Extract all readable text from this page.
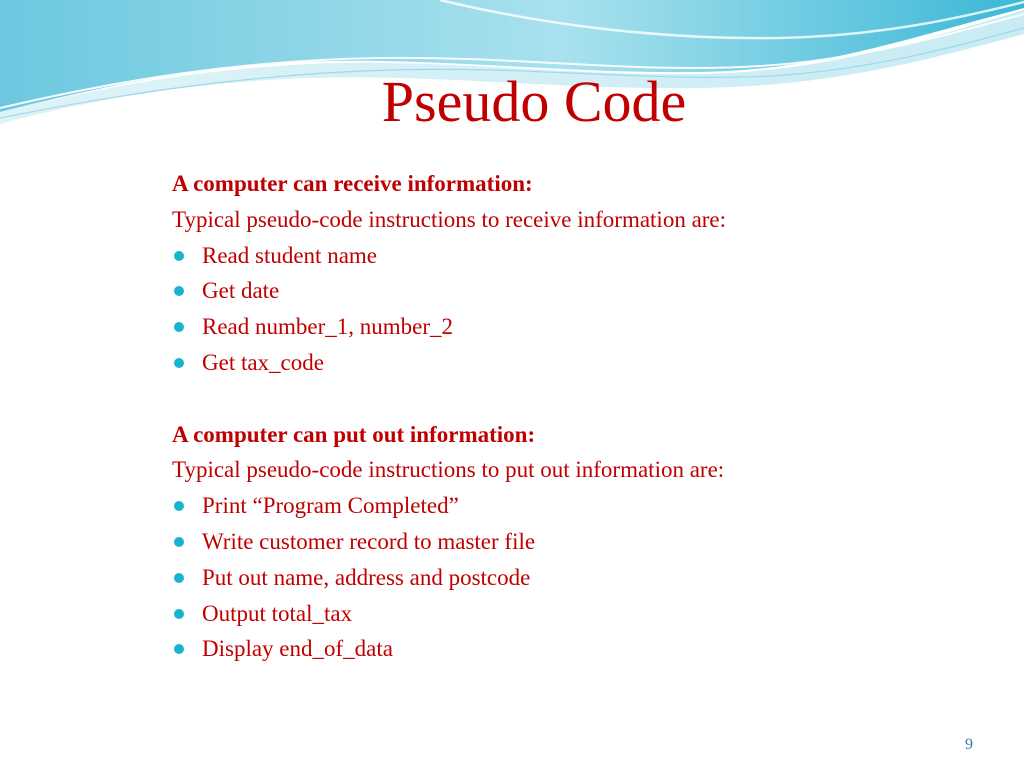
Pseudo Code

A computer can receive information:

Typical pseudo-code instructions to receive information are:

Read student name
Get date
Read number_1, number_2
Get tax_code

A computer can put out information:

Typical pseudo-code instructions to put out information are:

Print “Program Completed”
Write customer record to master file
Put out name, address and postcode
Output total_tax
Display end_of_data
9
